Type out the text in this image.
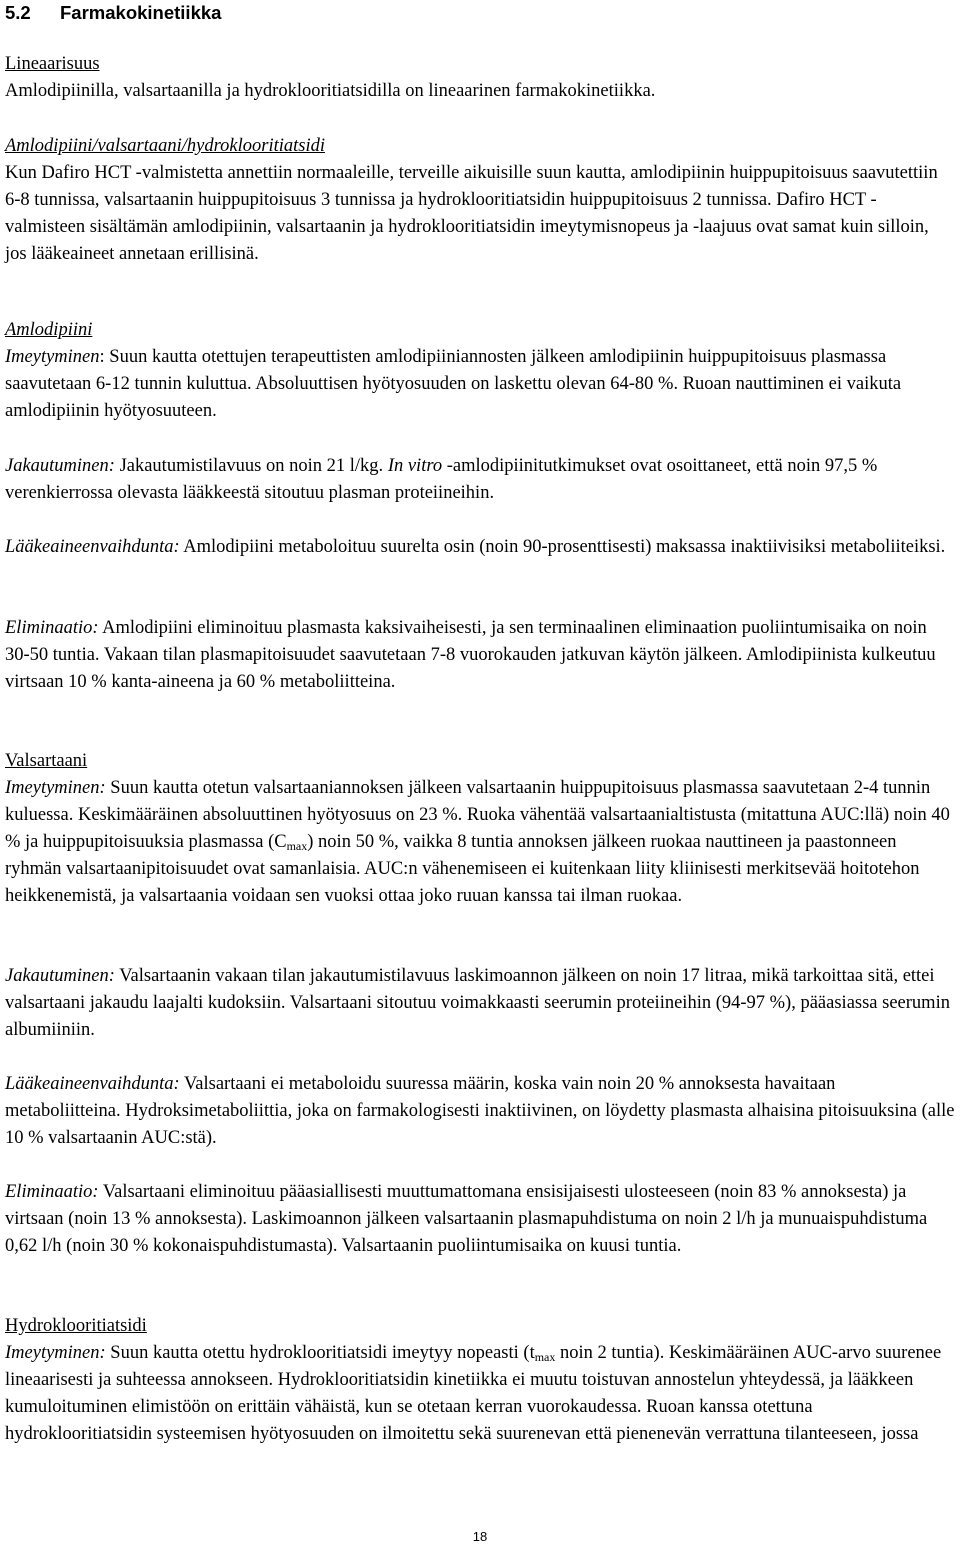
5.2 Farmakokinetiikka

Lineaarisuus

Amlodipiinilla, valsartaanilla ja hydroklooritiatsidilla on lineaarinen farmakokinetiikka.

Amlodipiini/valsartaani/hydroklooritiatsidi

Kun Dafiro HCT -valmistetta annettiin normaaleille, terveille aikuisille suun kautta, amlodipiinin huippupitoisuus saavutettiin 6-8 tunnissa, valsartaanin huippupitoisuus 3 tunnissa ja hydroklooritiatsidin huippupitoisuus 2 tunnissa. Dafiro HCT -valmisteen sisältämän amlodipiinin, valsartaanin ja hydroklooritiatsidin imeytymisnopeus ja -laajuus ovat samat kuin silloin, jos lääkeaineet annetaan erillisinä.

Amlodipiini

Imeytyminen: Suun kautta otettujen terapeuttisten amlodipiiniannosten jälkeen amlodipiinin huippupitoisuus plasmassa saavutetaan 6-12 tunnin kuluttua. Absoluuttisen hyötyosuuden on laskettu olevan 64-80 %. Ruoan nauttiminen ei vaikuta amlodipiinin hyötyosuuteen.

Jakautuminen: Jakautumistilavuus on noin 21 l/kg. In vitro -amlodipiinitutkimukset ovat osoittaneet, että noin 97,5 % verenkierrossa olevasta lääkkeestä sitoutuu plasman proteiineihin.

Lääkeaineenvaihdunta: Amlodipiini metaboloituu suurelta osin (noin 90-prosenttisesti) maksassa inaktiivisiksi metaboliiteiksi.

Eliminaatio: Amlodipiini eliminoituu plasmasta kaksivaiheisesti, ja sen terminaalinen eliminaation puoliintumisaika on noin 30-50 tuntia. Vakaan tilan plasmapitoisuudet saavutetaan 7-8 vuorokauden jatkuvan käytön jälkeen. Amlodipiinista kulkeutuu virtsaan 10 % kanta-aineena ja 60 % metaboliitteina.

Valsartaani

Imeytyminen: Suun kautta otetun valsartaaniannoksen jälkeen valsartaanin huippupitoisuus plasmassa saavutetaan 2-4 tunnin kuluessa. Keskimääräinen absoluuttinen hyötyosuus on 23 %. Ruoka vähentää valsartaanialtistusta (mitattuna AUC:llä) noin 40 % ja huippupitoisuuksia plasmassa $(C_{max})$ noin 50 %, vaikka 8 tuntia annoksen jälkeen ruokaa nauttineen ja paastonneen ryhmän valsartaanipitoisuudet ovat samanlaisia. AUC:n vähenemiseen ei kuitenkaan liity kliinisesti merkitsevää hoitotehon heikkenemistä, ja valsartaania voidaan sen vuoksi ottaa joko ruuan kanssa tai ilman ruokaa.

Jakautuminen: Valsartaanin vakaan tilan jakautumistilavuus laskimoannon jälkeen on noin 17 litraa, mikä tarkoittaa sitä, ettei valsartaani jakaudu laajalti kudoksiin. Valsartaani sitoutuu voimakkaasti seerumin proteiineihin (94-97 %), pääasiassa seerumin albumiiniin.

Lääkeaineenvaihdunta: Valsartaani ei metaboloidu suuressa määrin, koska vain noin 20 % annoksesta havaitaan metaboliitteina. Hydroksimetaboliittia, joka on farmakologisesti inaktiivinen, on löydetty plasmasta alhaisina pitoisuuksina (alle 10 % valsartaanin AUC:stä).

Eliminaatio: Valsartaani eliminoituu pääasiallisesti muuttumattomana ensisijaisesti ulosteeseen (noin 83 % annoksesta) ja virtsaan (noin 13 % annoksesta). Laskimoannon jälkeen valsartaanin plasmapuhdistuma on noin 2 l/h ja munuaispuhdistuma 0,62 l/h (noin 30 % kokonaispuhdistumasta). Valsartaanin puoliintumisaika on kuusi tuntia.

Hydroklooritiatsidi

Imeytyminen: Suun kautta otettu hydroklooritiatsidi imeytyy nopeasti ($t_{max}$ noin 2 tuntia). Keskimääräinen AUC-arvo suurenee lineaarisesti ja suhteessa annokseen. Hydroklooritiatsidin kinetiikka ei muutu toistuvan annostelun yhteydessä, ja lääkkeen kumuloituminen elimistöön on erittäin vähäistä, kun se otetaan kerran vuorokaudessa. Ruoan kanssa otettuna hydroklooritiatsidin systeemisen hyötyosuuden on ilmoitettu sekä suurenevan että pienenevän verrattuna tilanteeseen, jossa

18
